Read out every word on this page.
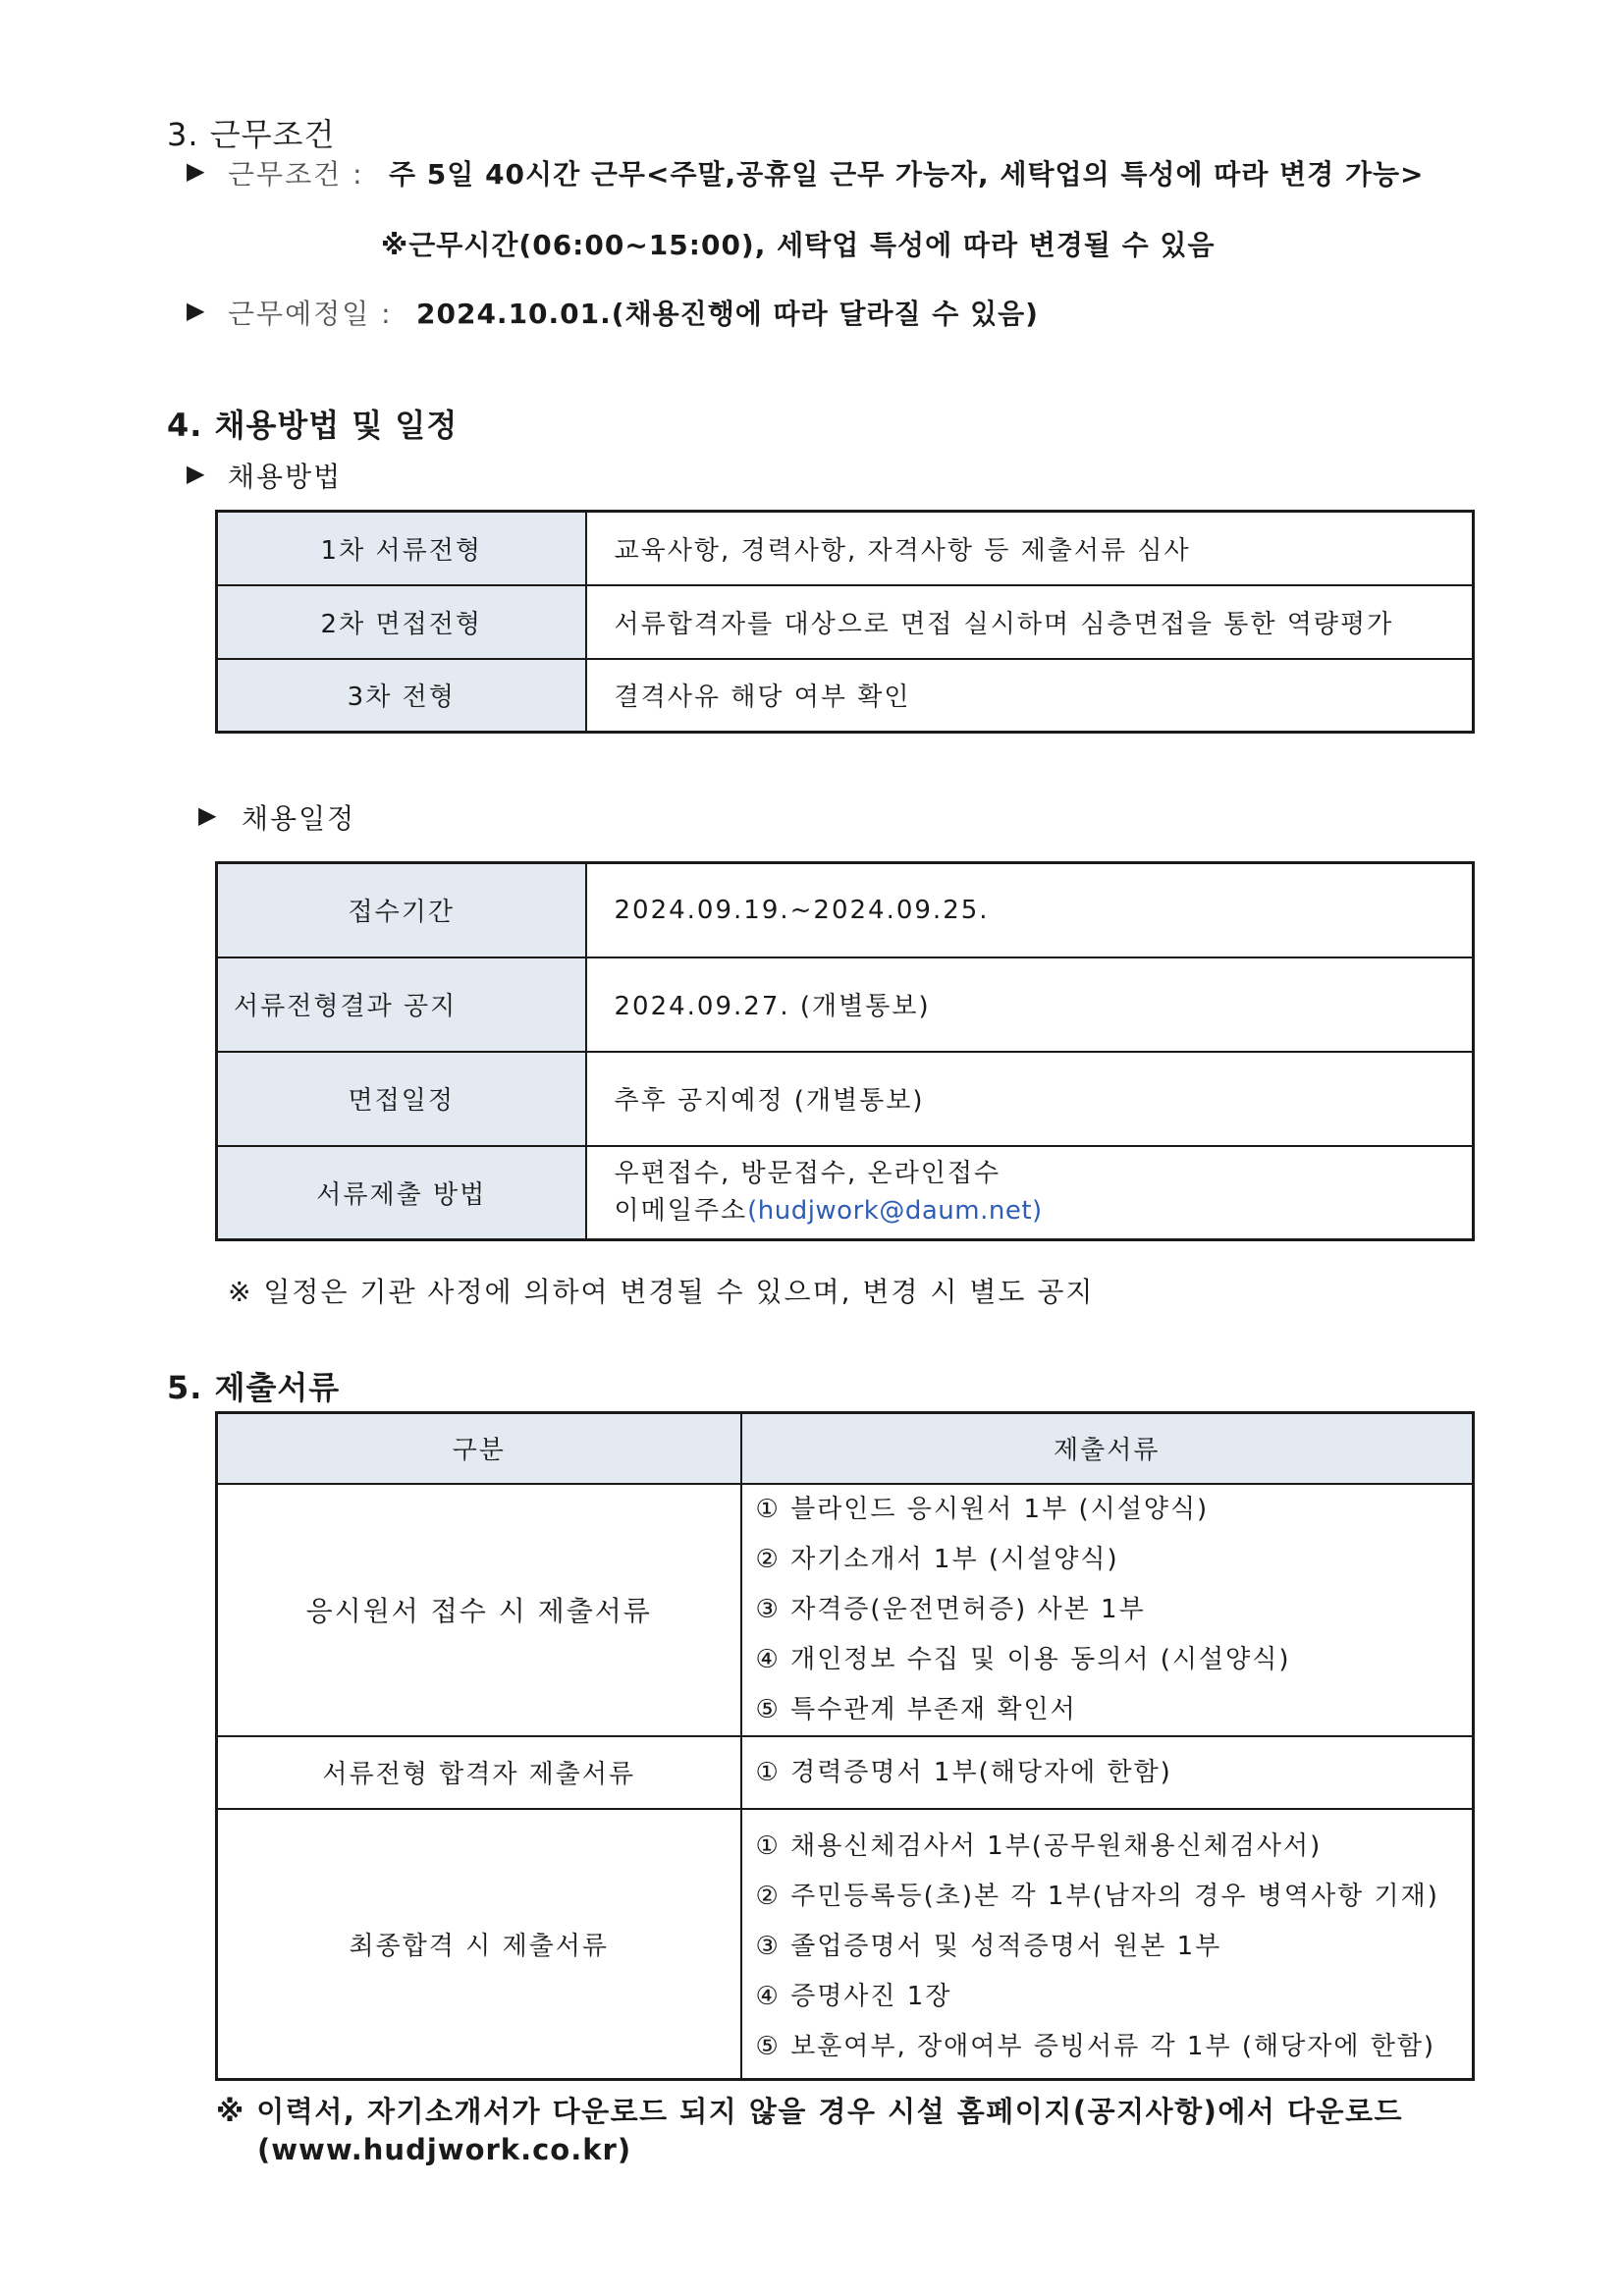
3. 근무조건
▶ 근무조건 : 주 5일 40시간 근무<주말,공휴일 근무 가능자, 세탁업의 특성에 따라 변경 가능>
※근무시간(06:00~15:00), 세탁업 특성에 따라 변경될 수 있음
▶ 근무예정일 : 2024.10.01.(채용진행에 따라 달라질 수 있음)
4. 채용방법 및 일정
▶ 채용방법
1차 서류전형	교육사항, 경력사항, 자격사항 등 제출서류 심사
2차 면접전형	서류합격자를 대상으로 면접 실시하며 심층면접을 통한 역량평가
3차 전형	결격사유 해당 여부 확인
▶ 채용일정
접수기간	2024.09.19.~2024.09.25.
서류전형결과 공지	2024.09.27. (개별통보)
면접일정	추후 공지예정 (개별통보)
서류제출 방법	우편접수, 방문접수, 온라인접수
이메일주소(hudjwork@daum.net)
※ 일정은 기관 사정에 의하여 변경될 수 있으며, 변경 시 별도 공지
5. 제출서류
구분	제출서류
응시원서 접수 시 제출서류	① 블라인드 응시원서 1부 (시설양식)
② 자기소개서 1부 (시설양식)
③ 자격증(운전면허증) 사본 1부
④ 개인정보 수집 및 이용 동의서 (시설양식)
⑤ 특수관계 부존재 확인서

서류전형 합격자 제출서류	① 경력증명서 1부(해당자에 한함)

최종합격 시 제출서류	① 채용신체검사서 1부(공무원채용신체검사서)
② 주민등록등(초)본 각 1부(남자의 경우 병역사항 기재)
③ 졸업증명서 및 성적증명서 원본 1부
④ 증명사진 1장
⑤ 보훈여부, 장애여부 증빙서류 각 1부 (해당자에 한함)
※ 이력서, 자기소개서가 다운로드 되지 않을 경우 시설 홈페이지(공지사항)에서 다운로드
(www.hudjwork.co.kr)
